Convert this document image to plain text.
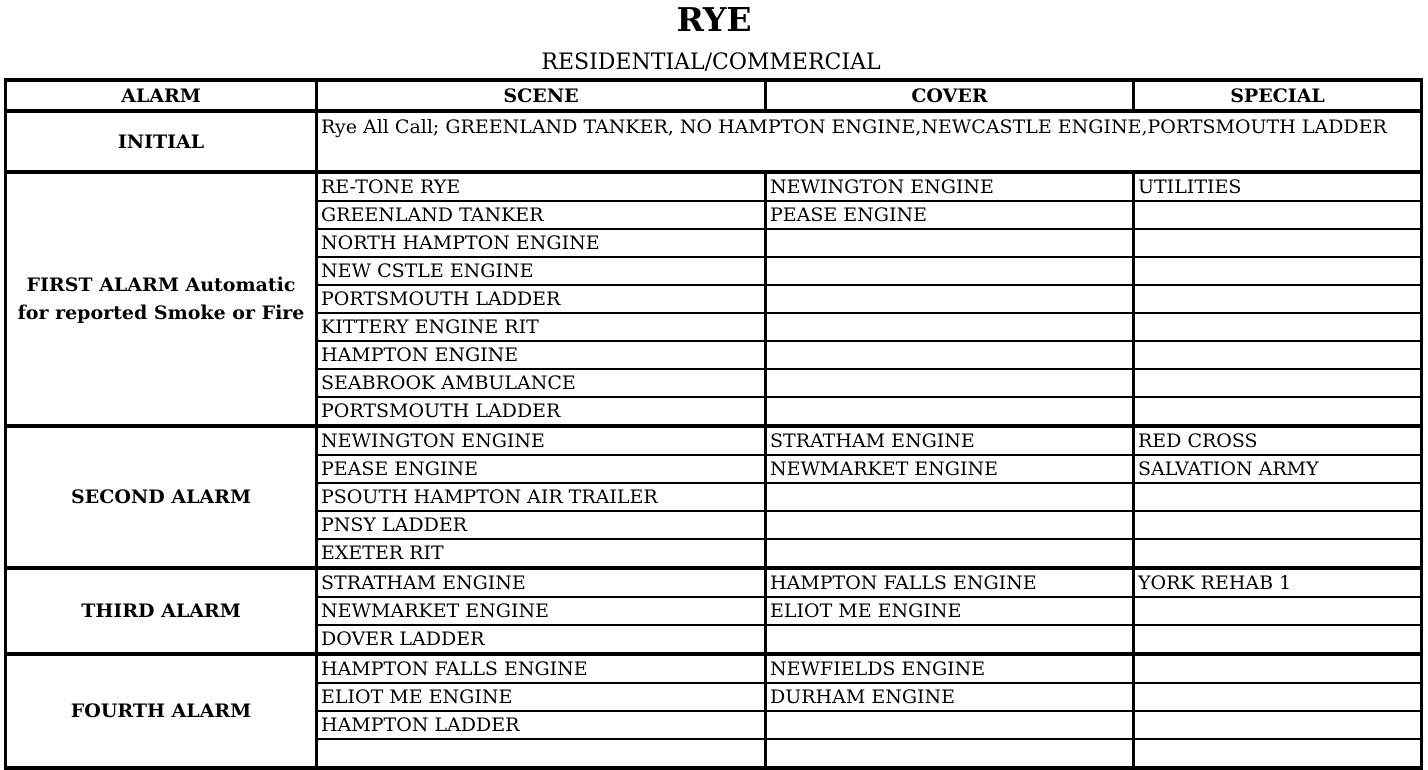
RYE
RESIDENTIAL/COMMERCIAL
ALARM	SCENE	COVER	SPECIAL
INITIAL	Rye All Call; GREENLAND TANKER, NO HAMPTON ENGINE,NEWCASTLE ENGINE,PORTSMOUTH LADDER		
FIRST ALARM Automatic for reported Smoke or Fire	RE-TONE RYE	NEWINGTON ENGINE	UTILITIES
	GREENLAND TANKER	PEASE ENGINE	
	NORTH HAMPTON ENGINE		
	NEW CSTLE ENGINE		
	PORTSMOUTH LADDER		
	KITTERY ENGINE RIT		
	HAMPTON ENGINE		
	SEABROOK AMBULANCE		
	PORTSMOUTH LADDER		
SECOND ALARM	NEWINGTON ENGINE	STRATHAM ENGINE	RED CROSS
	PEASE ENGINE	NEWMARKET ENGINE	SALVATION ARMY
	PSOUTH HAMPTON AIR TRAILER		
	PNSY LADDER		
	EXETER RIT		
THIRD ALARM	STRATHAM ENGINE	HAMPTON FALLS ENGINE	YORK REHAB 1
	NEWMARKET ENGINE	ELIOT ME ENGINE	
	DOVER LADDER		
FOURTH ALARM	HAMPTON FALLS ENGINE	NEWFIELDS ENGINE	
	ELIOT ME ENGINE	DURHAM ENGINE	
	HAMPTON LADDER		
